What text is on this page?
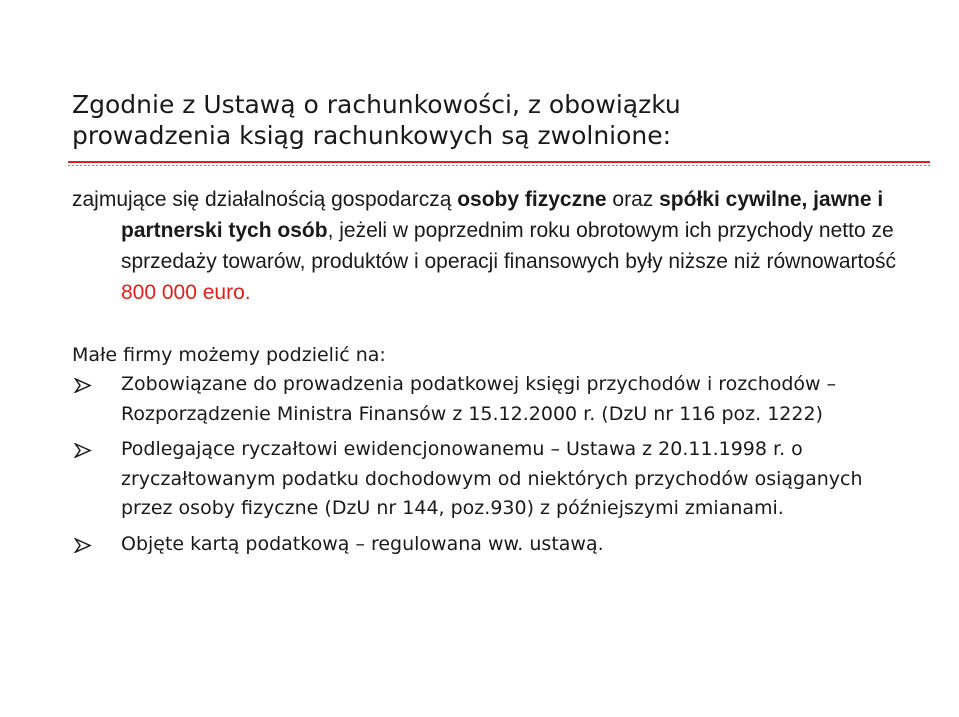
Zgodnie z Ustawą o rachunkowości, z obowiązku
prowadzenia ksiąg rachunkowych są zwolnione:
zajmujące się działalnością gospodarczą osoby fizyczne oraz spółki cywilne, jawne i partnerski tych osób, jeżeli w poprzednim roku obrotowym ich przychody netto ze sprzedaży towarów, produktów i operacji finansowych były niższe niż równowartość 800 000 euro.
Małe firmy możemy podzielić na:
Zobowiązane do prowadzenia podatkowej księgi przychodów i rozchodów – Rozporządzenie Ministra Finansów z 15.12.2000 r. (DzU nr 116 poz. 1222)
Podlegające ryczałtowi ewidencjonowanemu – Ustawa z 20.11.1998 r. o zryczałtowanym podatku dochodowym od niektórych przychodów osiąganych przez osoby fizyczne (DzU nr 144, poz.930) z późniejszymi zmianami.
Objęte kartą podatkową – regulowana ww. ustawą.
